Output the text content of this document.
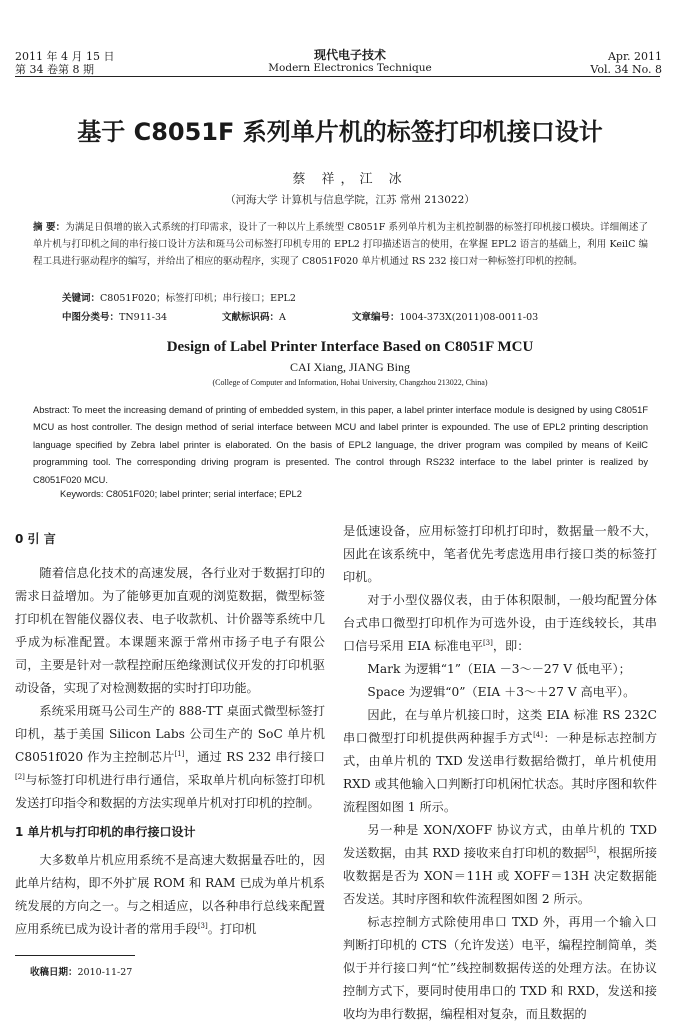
2011 年 4 月 15 日
第 34 卷第 8 期
现代电子技术
Modern Electronics Technique
Apr. 2011
Vol. 34 No. 8
基于 C8051F 系列单片机的标签打印机接口设计
蔡 祥，江 冰
（河海大学 计算机与信息学院，江苏 常州 213022）
摘 要：为满足日俱增的嵌入式系统的打印需求，设计了一种以片上系统型 C8051F 系列单片机为主机控制器的标签打印机接口模块。详细阐述了单片机与打印机之间的串行接口设计方法和斑马公司标签打印机专用的 EPL2 打印描述语言的使用，在掌握 EPL2 语言的基础上，利用 KeilC 编程工具进行驱动程序的编写，并给出了相应的驱动程序，实现了 C8051F020 单片机通过 RS 232 接口对一种标签打印机的控制。
关键词：C8051F020；标签打印机；串行接口；EPL2
中图分类号：TN911-34	文献标识码：A	文章编号：1004-373X(2011)08-0011-03
Design of Label Printer Interface Based on C8051F MCU
CAI Xiang, JIANG Bing
(College of Computer and Information, Hohai University, Changzhou 213022, China)
Abstract: To meet the increasing demand of printing of embedded system, in this paper, a label printer interface module is designed by using C8051F MCU as host controller. The design method of serial interface between MCU and label printer is expounded. The use of EPL2 printing description language specified by Zebra label printer is elaborated. On the basis of EPL2 language, the driver program was compiled by means of KeilC programming tool. The corresponding driving program is presented. The control through RS232 interface to the label printer is realized by C8051F020 MCU.
Keywords: C8051F020; label printer; serial interface; EPL2
0 引 言

随着信息化技术的高速发展，各行业对于数据打印的需求日益增加。为了能够更加直观的浏览数据，微型标签打印机在智能仪器仪表、电子收款机、计价器等系统中几乎成为标准配置。本课题来源于常州市扬子电子有限公司，主要是针对一款程控耐压绝缘测试仪开发的打印机驱动设备，实现了对检测数据的实时打印功能。

系统采用斑马公司生产的 888-TT 桌面式微型标签打印机，基于美国 Silicon Labs 公司生产的 SoC 单片机 C8051f020 作为主控制芯片[1]，通过 RS 232 串行接口[2]与标签打印机进行串行通信，采取单片机向标签打印机发送打印指令和数据的方法实现单片机对打印机的控制。

1 单片机与打印机的串行接口设计

大多数单片机应用系统不是高速大数据量吞吐的，因此单片结构，即不外扩展 ROM 和 RAM 已成为单片机系统发展的方向之一。与之相适应，以各种串行总线来配置应用系统已成为设计者的常用手段[3]。打印机

是低速设备，应用标签打印机打印时，数据量一般不大，因此在该系统中，笔者优先考虑选用串行接口类的标签打印机。

对于小型仪器仪表，由于体积限制，一般均配置分体台式串口微型打印机作为可选外设，由于连线较长，其串口信号采用 EIA 标准电平[3]，即：

Mark 为逻辑“1”（EIA －3～－27 V 低电平）；

Space 为逻辑“0”（EIA ＋3～＋27 V 高电平）。

因此，在与单片机接口时，这类 EIA 标准 RS 232C 串口微型打印机提供两种握手方式[4]：一种是标志控制方式，由单片机的 TXD 发送串行数据给微打，单片机使用 RXD 或其他输入口判断打印机闲忙状态。其时序图和软件流程图如图 1 所示。

另一种是 XON/XOFF 协议方式，由单片机的 TXD 发送数据，由其 RXD 接收来自打印机的数据[5]，根据所接收数据是否为 XON＝11H 或 XOFF＝13H 决定数据能否发送。其时序图和软件流程图如图 2 所示。

标志控制方式除使用串口 TXD 外，再用一个输入口判断打印机的 CTS（允许发送）电平，编程控制简单，类似于并行接口判“忙”线控制数据传送的处理方法。在协议控制方式下，要同时使用串口的 TXD 和 RXD，发送和接收均为串行数据，编程相对复杂，而且数据的

收稿日期：2010-11-27
